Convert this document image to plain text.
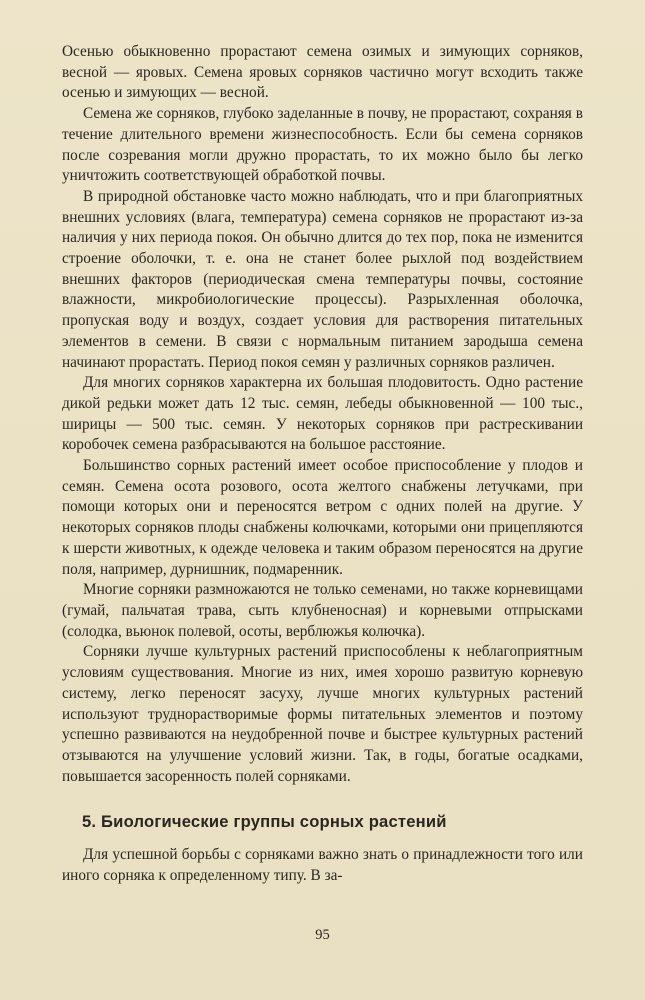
Осенью обыкновенно прорастают семена озимых и зимующих сорняков, весной — яровых. Семена яровых сорняков частично могут всходить также осенью и зимующих — весной.

Семена же сорняков, глубоко заделанные в почву, не прорастают, сохраняя в течение длительного времени жизнеспособность. Если бы семена сорняков после созревания могли дружно прорастать, то их можно было бы легко уничтожить соответствующей обработкой почвы.

В природной обстановке часто можно наблюдать, что и при благоприятных внешних условиях (влага, температура) семена сорняков не прорастают из-за наличия у них периода покоя. Он обычно длится до тех пор, пока не изменится строение оболочки, т. е. она не станет более рыхлой под воздействием внешних факторов (периодическая смена температуры почвы, состояние влажности, микробиологические процессы). Разрыхленная оболочка, пропуская воду и воздух, создает условия для растворения питательных элементов в семени. В связи с нормальным питанием зародыша семена начинают прорастать. Период покоя семян у различных сорняков различен.

Для многих сорняков характерна их большая плодовитость. Одно растение дикой редьки может дать 12 тыс. семян, лебеды обыкновенной — 100 тыс., ширицы — 500 тыс. семян. У некоторых сорняков при растрескивании коробочек семена разбрасываются на большое расстояние.

Большинство сорных растений имеет особое приспособление у плодов и семян. Семена осота розового, осота желтого снабжены летучками, при помощи которых они и переносятся ветром с одних полей на другие. У некоторых сорняков плоды снабжены колючками, которыми они прицепляются к шерсти животных, к одежде человека и таким образом переносятся на другие поля, например, дурнишник, подмаренник.

Многие сорняки размножаются не только семенами, но также корневищами (гумай, пальчатая трава, сыть клубненосная) и корневыми отпрысками (солодка, вьюнок полевой, осоты, верблюжья колючка).

Сорняки лучше культурных растений приспособлены к неблагоприятным условиям существования. Многие из них, имея хорошо развитую корневую систему, легко переносят засуху, лучше многих культурных растений используют труднорастворимые формы питательных элементов и поэтому успешно развиваются на неудобренной почве и быстрее культурных растений отзываются на улучшение условий жизни. Так, в годы, богатые осадками, повышается засоренность полей сорняками.

5. Биологические группы сорных растений

Для успешной борьбы с сорняками важно знать о принадлежности того или иного сорняка к определенному типу. В за-

95
